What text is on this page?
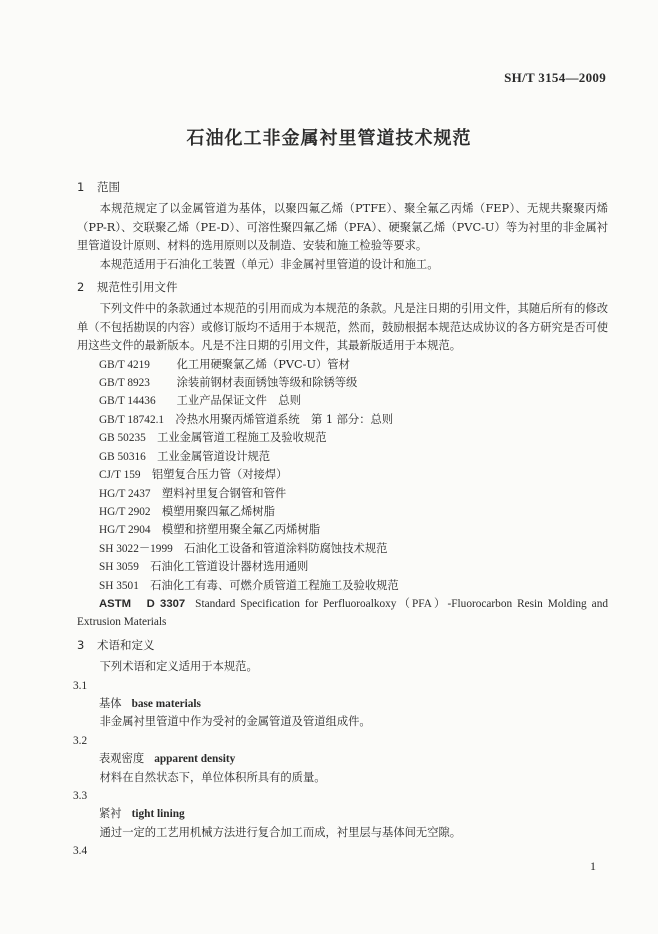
SH/T 3154—2009
石油化工非金属衬里管道技术规范

1 范围

本规范规定了以金属管道为基体，以聚四氟乙烯（PTFE）、聚全氟乙丙烯（FEP）、无规共聚聚丙烯（PP-R）、交联聚乙烯（PE-D）、可溶性聚四氟乙烯（PFA）、硬聚氯乙烯（PVC-U）等为衬里的非金属衬里管道设计原则、材料的选用原则以及制造、安装和施工检验等要求。

本规范适用于石油化工装置（单元）非金属衬里管道的设计和施工。

2 规范性引用文件

下列文件中的条款通过本规范的引用而成为本规范的条款。凡是注日期的引用文件，其随后所有的修改单（不包括勘误的内容）或修订版均不适用于本规范，然而，鼓励根据本规范达成协议的各方研究是否可使用这些文件的最新版本。凡是不注日期的引用文件，其最新版适用于本规范。

GB/T 4219 化工用硬聚氯乙烯（PVC-U）管材
GB/T 8923 涂装前钢材表面锈蚀等级和除锈等级
GB/T 14436 工业产品保证文件　总则
GB/T 18742.1　 冷热水用聚丙烯管道系统　第 1 部分：总则
GB 50235　 工业金属管道工程施工及验收规范
GB 50316　 工业金属管道设计规范
CJ/T 159　 铝塑复合压力管（对接焊）
HG/T 2437　 塑料衬里复合钢管和管件
HG/T 2902　 模塑用聚四氟乙烯树脂
HG/T 2904　 模塑和挤塑用聚全氟乙丙烯树脂
SH 3022－1999　 石油化工设备和管道涂料防腐蚀技术规范
SH 3059　 石油化工管道设计器材选用通则
SH 3501　 石油化工有毒、可燃介质管道工程施工及验收规范

ASTM　D 3307 Standard Specification for Perfluoroalkoxy（PFA）-Fluorocarbon Resin Molding and Extrusion Materials

3 术语和定义

下列术语和定义适用于本规范。

3.1

基体 base materials

非金属衬里管道中作为受衬的金属管道及管道组成件。

3.2

表观密度 apparent density

材料在自然状态下，单位体积所具有的质量。

3.3

紧衬 tight lining

通过一定的工艺用机械方法进行复合加工而成，衬里层与基体间无空隙。

3.4

1
